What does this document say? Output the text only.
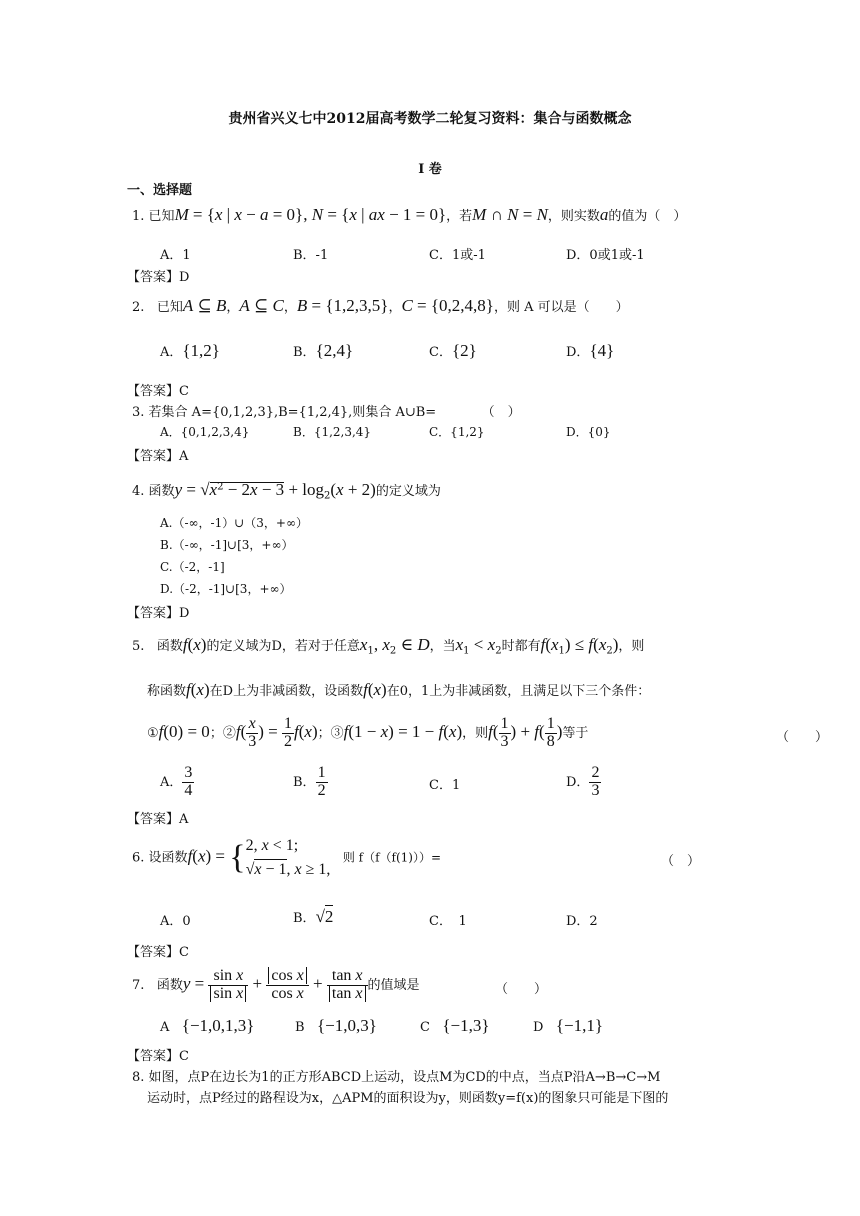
贵州省兴义七中2012届高考数学二轮复习资料：集合与函数概念
I 卷
一、选择题
1. 已知M = {x | x − a = 0}, N = {x | ax − 1 = 0}，若M ∩ N = N，则实数a的值为（　）
A．1	B．-1	C．1或-1	D．0或1或-1
【答案】D
2. 已知A ⊆ B，A ⊆ C，B = {1,2,3,5}，C = {0,2,4,8}，则 A 可以是（　　）
A．{1,2}	B．{2,4}	C．{2}	D．{4}
【答案】C
3. 若集合 A={0,1,2,3},B={1,2,4},则集合 A∪B=　　　　（　）
A．{0,1,2,3,4}	B．{1,2,3,4}	C．{1,2}	D．{0}
【答案】A
4. 函数$y = √x^2 - 2x - 3 + \log_2(x + 2)$的定义域为
A.（-∞，-1）∪（3，+∞）
B.（-∞，-1]∪[3，+∞）
C.（-2，-1]
D.（-2，-1]∪[3，+∞）
【答案】D
5. 函数f(x)的定义域为D，若对于任意$x_1$, $x_2$ ∈ D，当$x_1 < x_2$时都有$f(x_1) \le f(x_2)$，则
称函数f(x)在D上为非减函数，设函数f(x)在0，1上为非减函数，且满足以下三个条件：
①f(0) = 0；②f( $\frac{x}{3}$ ) = $\frac{1}{2} f(x)$；③f(1 − x) = 1 − f(x)，则$f( \frac{1}{3}$ ) + $f( \frac{1}{8}$ )等于	（　　）
A． $\frac{3}{4}$	B． $\frac{1}{2}$	C．1	D． $\frac{2}{3}$
【答案】A
6. 设函数f(x) = { 2, x < 1;
√x − 1, x ≥ 1,
则 f（f（f(1)））=	（　）
A．0	B．√2	C．　1	D．2
【答案】C
7. 函数$y = \frac{\text{sin x}}{\text{sin x}} + \frac{\text{cos x}}{\text{cos x}} + \frac{\text{tan x}}{\text{tan x}}$ 的值域是	（　　）
A {−1,0,1,3}	B {−1,0,3}	C {−1,3}	D {−1,1}
【答案】C
8. 如图，点P在边长为1的正方形ABCD上运动，设点M为CD的中点，当点P沿A→B→C→M
运动时，点P经过的路程设为x，△APM的面积设为y，则函数y=f(x)的图象只可能是下图的
